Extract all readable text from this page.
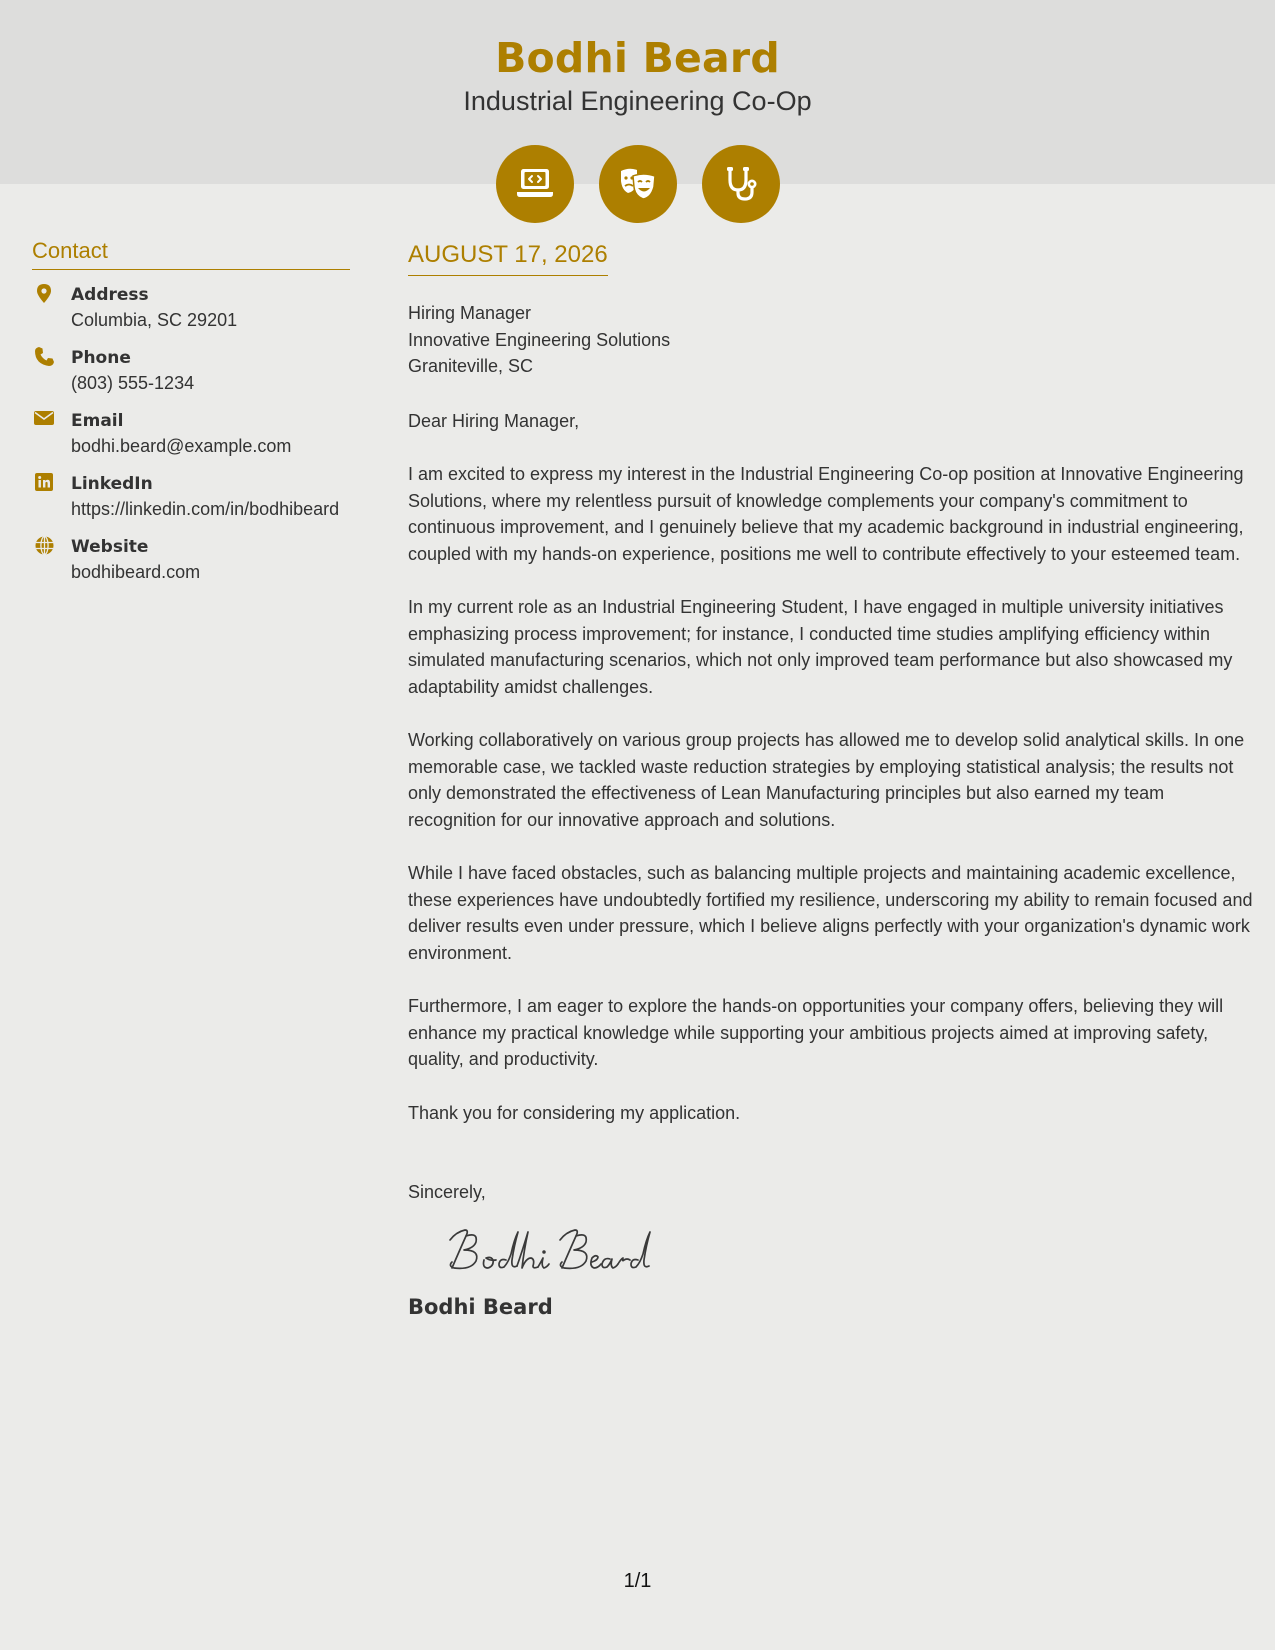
Bodhi Beard
Industrial Engineering Co-Op
Contact
Address
Columbia, SC 29201
Phone
(803) 555-1234
Email
bodhi.beard@example.com
LinkedIn
https://linkedin.com/in/bodhibeard
Website
bodhibeard.com
AUGUST 17, 2026

Hiring Manager

Innovative Engineering Solutions

Graniteville, SC

Dear Hiring Manager,

I am excited to express my interest in the Industrial Engineering Co-op position at Innovative Engineering Solutions, where my relentless pursuit of knowledge complements your company's commitment to continuous improvement, and I genuinely believe that my academic background in industrial engineering, coupled with my hands-on experience, positions me well to contribute effectively to your esteemed team.

In my current role as an Industrial Engineering Student, I have engaged in multiple university initiatives emphasizing process improvement; for instance, I conducted time studies amplifying efficiency within simulated manufacturing scenarios, which not only improved team performance but also showcased my adaptability amidst challenges.

Working collaboratively on various group projects has allowed me to develop solid analytical skills. In one memorable case, we tackled waste reduction strategies by employing statistical analysis; the results not only demonstrated the effectiveness of Lean Manufacturing principles but also earned my team recognition for our innovative approach and solutions.

While I have faced obstacles, such as balancing multiple projects and maintaining academic excellence, these experiences have undoubtedly fortified my resilience, underscoring my ability to remain focused and deliver results even under pressure, which I believe aligns perfectly with your organization's dynamic work environment.

Furthermore, I am eager to explore the hands-on opportunities your company offers, believing they will enhance my practical knowledge while supporting your ambitious projects aimed at improving safety, quality, and productivity.

Thank you for considering my application.

Sincerely,

Bodhi Beard
1/1
